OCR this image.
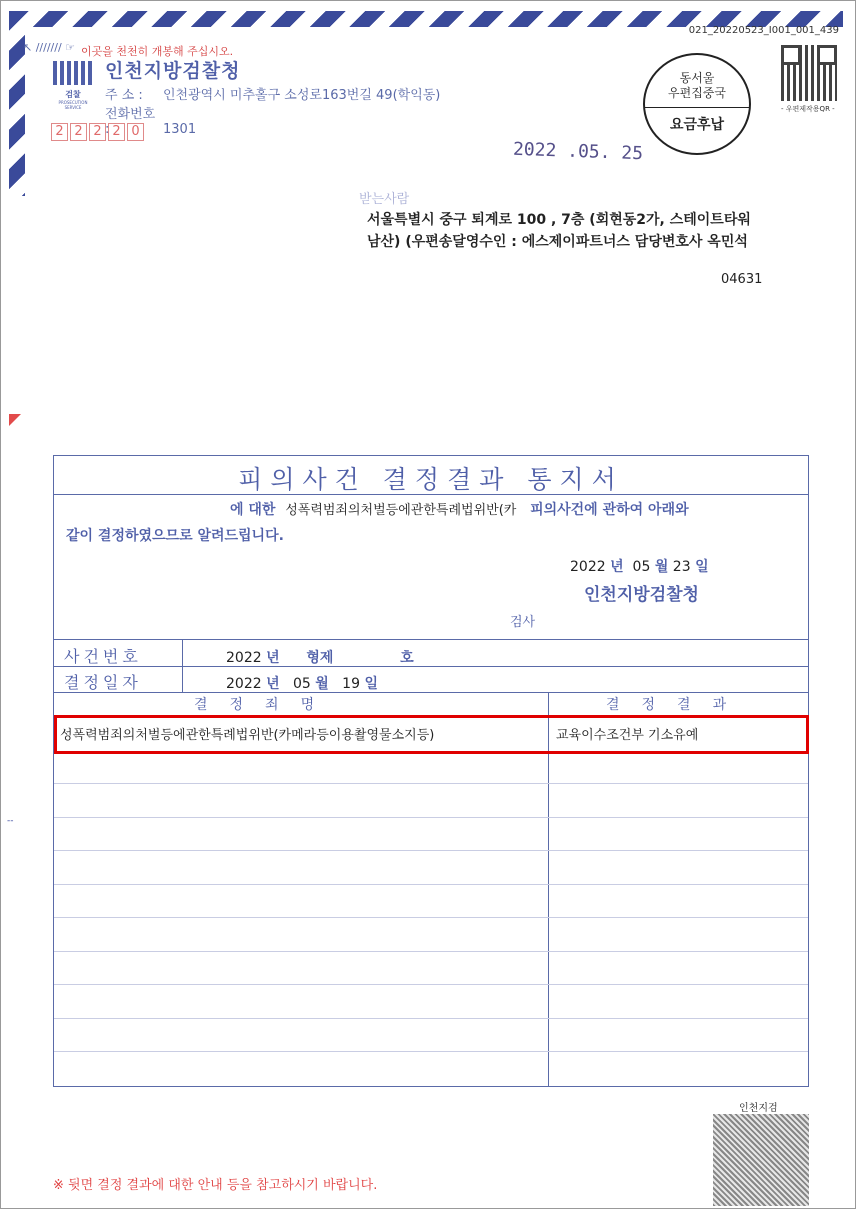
↖ /////// ☞ 이곳을 천천히 개봉해 주십시오.
검찰
PROSECUTION SERVICE
인천지방검찰청
주 소 : 인천광역시 미추홀구 소성로163번길 49(학익동)
전화번호 :	1301
2 2 2 2 0
2022 .05. 25
021_20220523_I001_001_439
동서울
우편집중국
요금후납
- 우편제작용QR -
받는사람
서울특별시 중구 퇴계로 100 , 7층 (회현동2가, 스테이트타워
남산) (우편송달영수인 : 에스제이파트너스 담당변호사 옥민석
04631
--
피의사건 결정결과 통지서
에 대한 성폭력범죄의처벌등에관한특례법위반(카 피의사건에 관하여 아래와
같이 결정하였으므로 알려드립니다.
2022 년 05 월 23 일
인천지방검찰청
검사
사건번호	2022 년 형제	호
결정일자	2022 년 05 월 19 일
결정죄명	결정결과
성폭력범죄의처벌등에관한특례법위반(카메라등이용촬영물소지등)	교육이수조건부 기소유예
※ 뒷면 결정 결과에 대한 안내 등을 참고하시기 바랍니다.
인천지검
